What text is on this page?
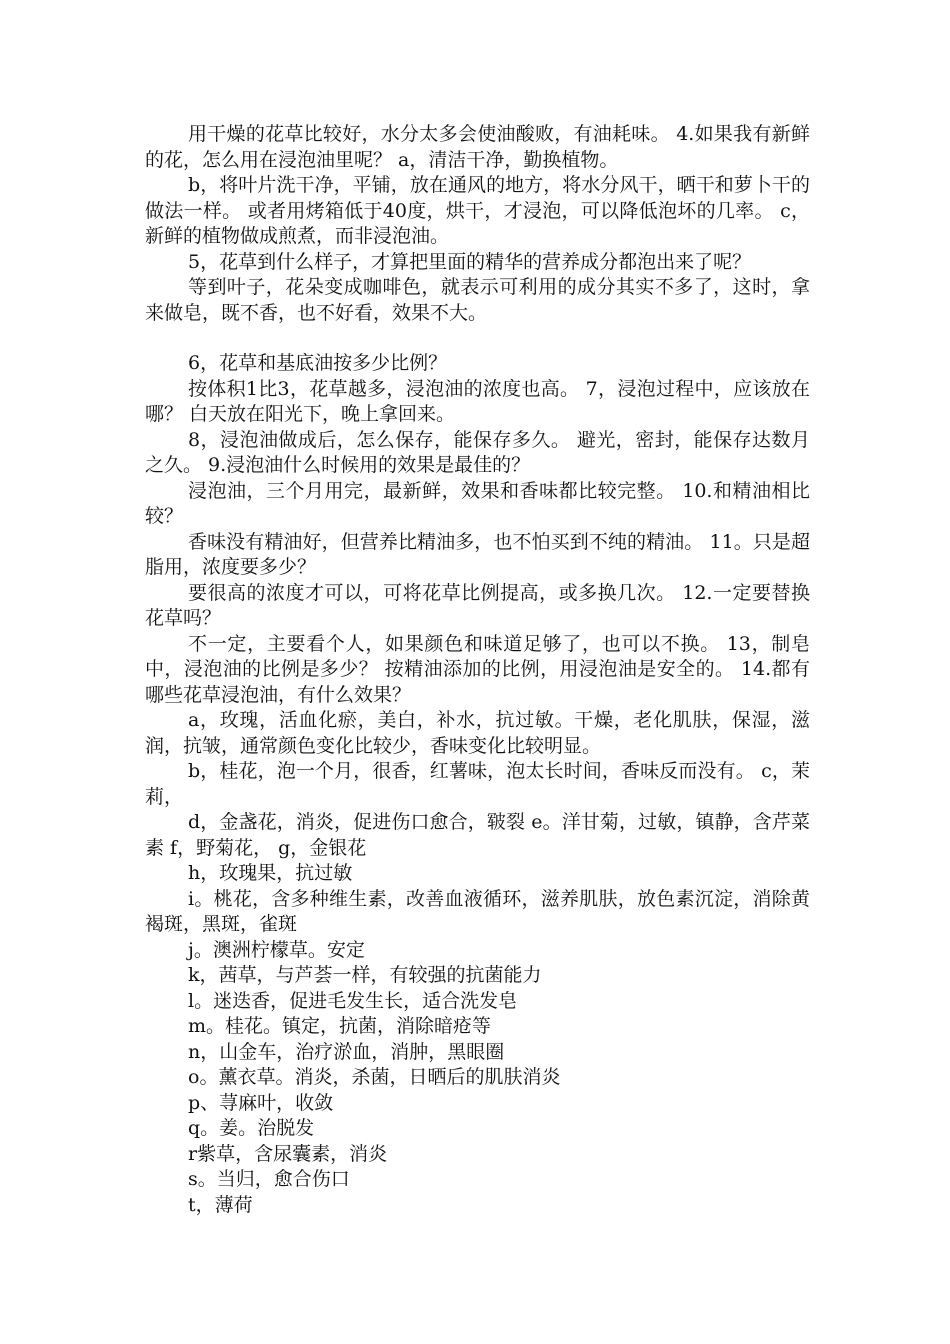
用干燥的花草比较好，水分太多会使油酸败，有油耗味。 4.如果我有新鲜的花，怎么用在浸泡油里呢？ a，清洁干净，勤换植物。

b，将叶片洗干净，平铺，放在通风的地方，将水分风干，晒干和萝卜干的做法一样。 或者用烤箱低于40度，烘干，才浸泡，可以降低泡坏的几率。 c，新鲜的植物做成煎煮，而非浸泡油。

5，花草到什么样子，才算把里面的精华的营养成分都泡出来了呢？

等到叶子，花朵变成咖啡色，就表示可利用的成分其实不多了，这时，拿来做皂，既不香，也不好看，效果不大。

6，花草和基底油按多少比例？

按体积1比3，花草越多，浸泡油的浓度也高。 7，浸泡过程中，应该放在哪？ 白天放在阳光下，晚上拿回来。

8，浸泡油做成后，怎么保存，能保存多久。 避光，密封，能保存达数月之久。 9.浸泡油什么时候用的效果是最佳的？

浸泡油，三个月用完，最新鲜，效果和香味都比较完整。 10.和精油相比较？

香味没有精油好，但营养比精油多，也不怕买到不纯的精油。 11。只是超脂用，浓度要多少？

要很高的浓度才可以，可将花草比例提高，或多换几次。 12.一定要替换花草吗？

不一定，主要看个人，如果颜色和味道足够了，也可以不换。 13，制皂中，浸泡油的比例是多少？ 按精油添加的比例，用浸泡油是安全的。 14.都有哪些花草浸泡油，有什么效果？

a，玫瑰，活血化瘀，美白，补水，抗过敏。干燥，老化肌肤，保湿，滋润，抗皱，通常颜色变化比较少，香味变化比较明显。

b，桂花，泡一个月，很香，红薯味，泡太长时间，香味反而没有。 c，茉莉，

d，金盏花，消炎，促进伤口愈合，皲裂 e。洋甘菊，过敏，镇静，含芹菜素 f，野菊花， g，金银花

h，玫瑰果，抗过敏

i。桃花，含多种维生素，改善血液循环，滋养肌肤，放色素沉淀，消除黄褐斑，黑斑，雀斑

j。澳洲柠檬草。安定

k，茜草，与芦荟一样，有较强的抗菌能力

l。迷迭香，促进毛发生长，适合洗发皂

m。桂花。镇定，抗菌，消除暗疮等

n，山金车，治疗淤血，消肿，黑眼圈

o。薰衣草。消炎，杀菌，日晒后的肌肤消炎

p、荨麻叶，收敛

q。姜。治脱发

r紫草，含尿囊素，消炎

s。当归，愈合伤口

t，薄荷
